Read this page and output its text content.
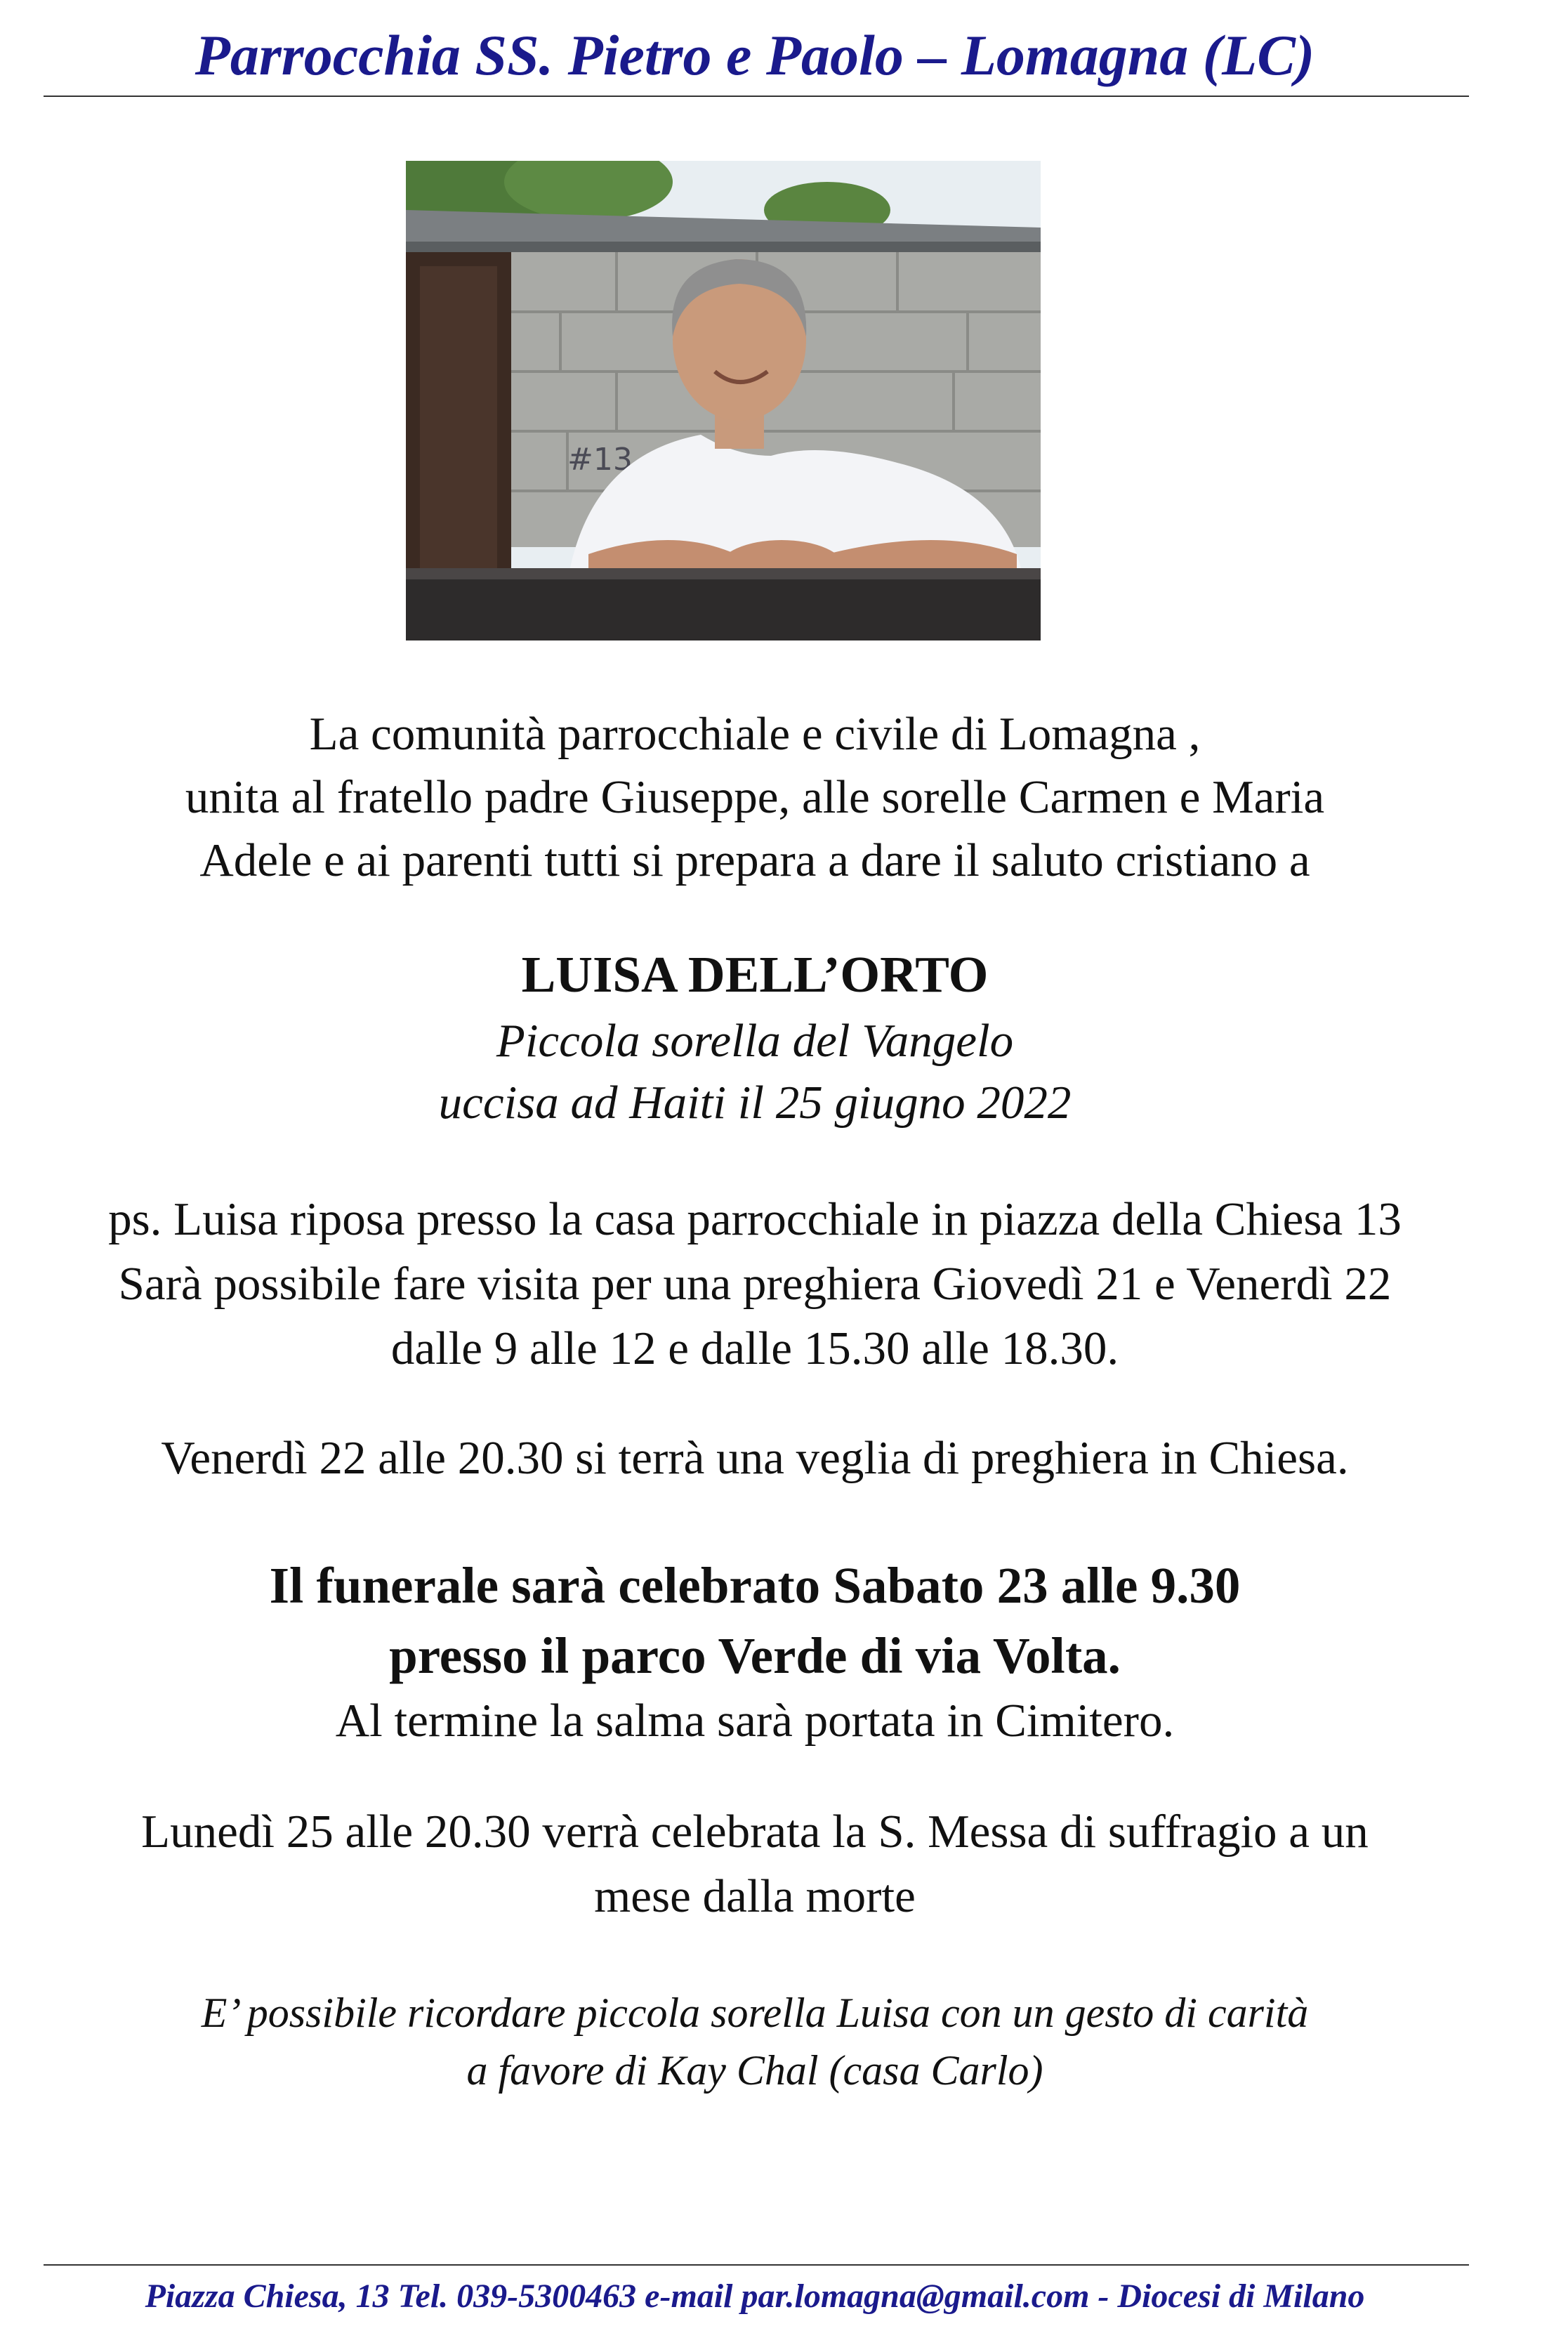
Parrocchia SS. Pietro e Paolo – Lomagna (LC)
#13
La comunità parrocchiale e civile di Lomagna ,
unita al fratello padre Giuseppe, alle sorelle Carmen e Maria
Adele e ai parenti tutti si prepara a dare il saluto cristiano a
LUISA DELL’ORTO
Piccola sorella del Vangelo
uccisa ad Haiti il 25 giugno 2022
ps. Luisa riposa presso la casa parrocchiale in piazza della Chiesa 13
Sarà possibile fare visita per una preghiera Giovedì 21 e Venerdì 22
dalle 9 alle 12 e dalle 15.30 alle 18.30.
Venerdì 22 alle 20.30 si terrà una veglia di preghiera in Chiesa.
Il funerale sarà celebrato Sabato 23 alle 9.30
presso il parco Verde di via Volta.
Al termine la salma sarà portata in Cimitero.
Lunedì 25 alle 20.30 verrà celebrata la S. Messa di suffragio a un
mese dalla morte
E’ possibile ricordare piccola sorella Luisa con un gesto di carità
a favore di Kay Chal (casa Carlo)
Piazza Chiesa, 13 Tel. 039-5300463 e-mail par.lomagna@gmail.com - Diocesi di Milano
